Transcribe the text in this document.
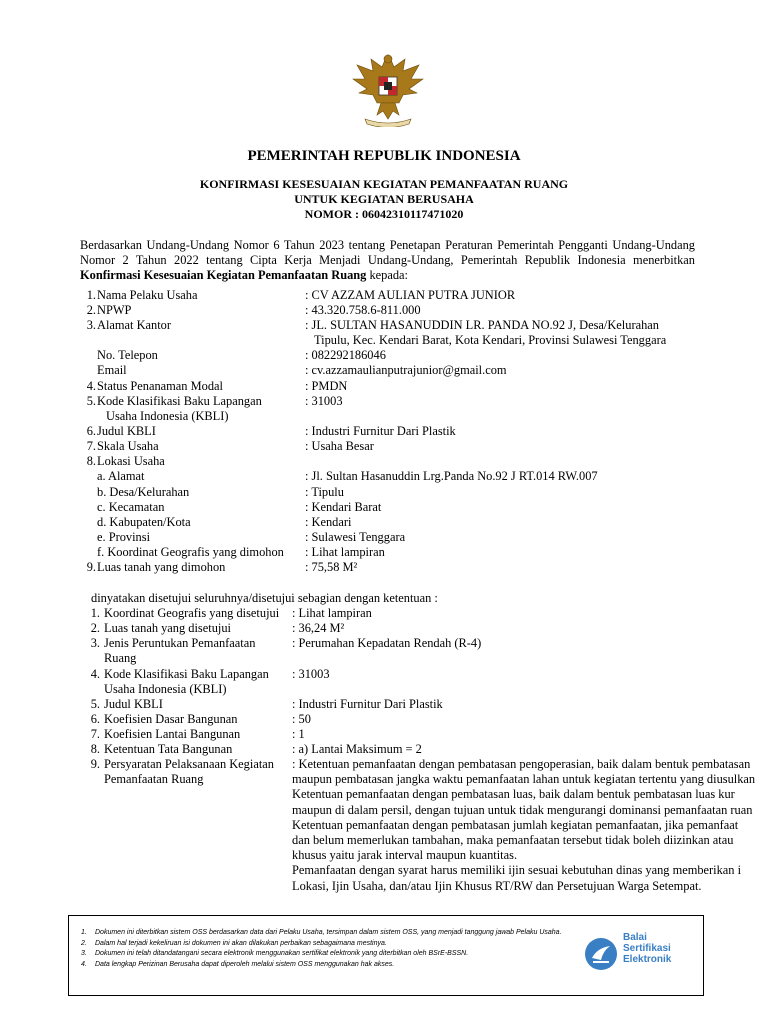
PEMERINTAH REPUBLIK INDONESIA
KONFIRMASI KESESUAIAN KEGIATAN PEMANFAATAN RUANG
UNTUK KEGIATAN BERUSAHA
NOMOR : 06042310117471020
Berdasarkan Undang-Undang Nomor 6 Tahun 2023 tentang Penetapan Peraturan Pemerintah Pengganti Undang-Undang Nomor 2 Tahun 2022 tentang Cipta Kerja Menjadi Undang-Undang, Pemerintah Republik Indonesia menerbitkan Konfirmasi Kesesuaian Kegiatan Pemanfaatan Ruang kepada:
1. Nama Pelaku Usaha	: CV AZZAM AULIAN PUTRA JUNIOR
2. NPWP	: 43.320.758.6-811.000
3. Alamat Kantor	: JL. SULTAN HASANUDDIN LR. PANDA NO.92 J, Desa/Kelurahan
Tipulu, Kec. Kendari Barat, Kota Kendari, Provinsi Sulawesi Tenggara
No. Telepon	: 082292186046
Email	: cv.azzamaulianputrajunior@gmail.com
4. Status Penanaman Modal	: PMDN
5. Kode Klasifikasi Baku Lapangan	: 31003
Usaha Indonesia (KBLI)
6. Judul KBLI	: Industri Furnitur Dari Plastik
7. Skala Usaha	: Usaha Besar
8. Lokasi Usaha
a. Alamat	: Jl. Sultan Hasanuddin Lrg.Panda No.92 J RT.014 RW.007
b. Desa/Kelurahan	: Tipulu
c. Kecamatan	: Kendari Barat
d. Kabupaten/Kota	: Kendari
e. Provinsi	: Sulawesi Tenggara
f. Koordinat Geografis yang dimohon : Lihat lampiran
9. Luas tanah yang dimohon	: 75,58 M²
dinyatakan disetujui seluruhnya/disetujui sebagian dengan ketentuan :
1. Koordinat Geografis yang disetujui : Lihat lampiran
2. Luas tanah yang disetujui	: 36,24 M²
3. Jenis Peruntukan Pemanfaatan	: Perumahan Kepadatan Rendah (R-4)
Ruang
4. Kode Klasifikasi Baku Lapangan : 31003
Usaha Indonesia (KBLI)
5. Judul KBLI	: Industri Furnitur Dari Plastik
6. Koefisien Dasar Bangunan	: 50
7. Koefisien Lantai Bangunan	: 1
8. Ketentuan Tata Bangunan	: a) Lantai Maksimum = 2
9. Persyaratan Pelaksanaan Kegiatan
Pemanfaatan Ruang
: Ketentuan pemanfaatan dengan pembatasan pengoperasian, baik dalam bentuk pembatasan
maupun pembatasan jangka waktu pemanfaatan lahan untuk kegiatan tertentu yang diusulkan
Ketentuan pemanfaatan dengan pembatasan luas, baik dalam bentuk pembatasan luas kur
maupun di dalam persil, dengan tujuan untuk tidak mengurangi dominansi pemanfaatan ruan
Ketentuan pemanfaatan dengan pembatasan jumlah kegiatan pemanfaatan, jika pemanfaat
dan belum memerlukan tambahan, maka pemanfaatan tersebut tidak boleh diizinkan atau
khusus yaitu jarak interval maupun kuantitas.
Pemanfaatan dengan syarat harus memiliki ijin sesuai kebutuhan dinas yang memberikan i
Lokasi, Ijin Usaha, dan/atau Ijin Khusus RT/RW dan Persetujuan Warga Setempat.
1. Dokumen ini diterbitkan sistem OSS berdasarkan data dari Pelaku Usaha, tersimpan dalam sistem OSS, yang menjadi tanggung jawab Pelaku Usaha.
2. Dalam hal terjadi kekeliruan isi dokumen ini akan dilakukan perbaikan sebagaimana mestinya.
3. Dokumen ini telah ditandatangani secara elektronik menggunakan sertifikat elektronik yang diterbitkan oleh BSrE-BSSN.
4. Data lengkap Perizinan Berusaha dapat diperoleh melalui sistem OSS menggunakan hak akses.
Balai
Sertifikasi
Elektronik
